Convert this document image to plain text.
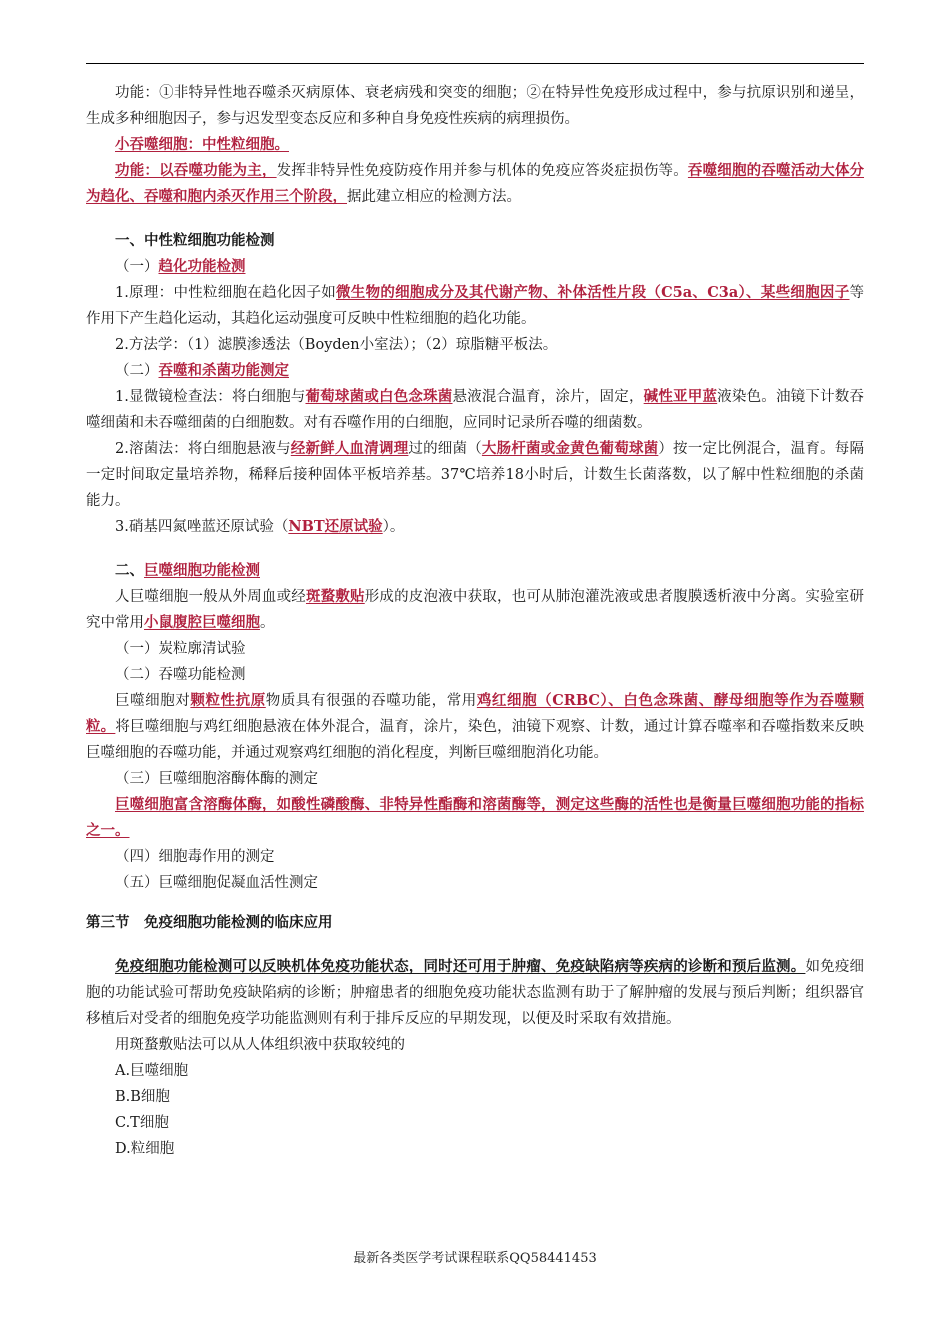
功能：①非特异性地吞噬杀灭病原体、衰老病残和突变的细胞；②在特异性免疫形成过程中，参与抗原识别和递呈，生成多种细胞因子，参与迟发型变态反应和多种自身免疫性疾病的病理损伤。

小吞噬细胞：中性粒细胞。

功能：以吞噬功能为主，发挥非特异性免疫防疫作用并参与机体的免疫应答炎症损伤等。吞噬细胞的吞噬活动大体分为趋化、吞噬和胞内杀灭作用三个阶段，据此建立相应的检测方法。

一、中性粒细胞功能检测

（一）趋化功能检测

1.原理：中性粒细胞在趋化因子如微生物的细胞成分及其代谢产物、补体活性片段（C5a、C3a）、某些细胞因子等作用下产生趋化运动，其趋化运动强度可反映中性粒细胞的趋化功能。

2.方法学：（1）滤膜渗透法（Boyden小室法）；（2）琼脂糖平板法。

（二）吞噬和杀菌功能测定

1.显微镜检查法：将白细胞与葡萄球菌或白色念珠菌悬液混合温育，涂片，固定，碱性亚甲蓝液染色。油镜下计数吞噬细菌和未吞噬细菌的白细胞数。对有吞噬作用的白细胞，应同时记录所吞噬的细菌数。

2.溶菌法：将白细胞悬液与经新鲜人血清调理过的细菌（大肠杆菌或金黄色葡萄球菌）按一定比例混合，温育。每隔一定时间取定量培养物，稀释后接种固体平板培养基。37℃培养18小时后，计数生长菌落数，以了解中性粒细胞的杀菌能力。

3.硝基四氮唑蓝还原试验（NBT还原试验）。

二、巨噬细胞功能检测

人巨噬细胞一般从外周血或经斑蝥敷贴形成的皮泡液中获取，也可从肺泡灌洗液或患者腹膜透析液中分离。实验室研究中常用小鼠腹腔巨噬细胞。

（一）炭粒廓清试验

（二）吞噬功能检测

巨噬细胞对颗粒性抗原物质具有很强的吞噬功能，常用鸡红细胞（CRBC）、白色念珠菌、酵母细胞等作为吞噬颗粒。将巨噬细胞与鸡红细胞悬液在体外混合，温育，涂片，染色，油镜下观察、计数，通过计算吞噬率和吞噬指数来反映巨噬细胞的吞噬功能，并通过观察鸡红细胞的消化程度，判断巨噬细胞消化功能。

（三）巨噬细胞溶酶体酶的测定

巨噬细胞富含溶酶体酶，如酸性磷酸酶、非特异性酯酶和溶菌酶等，测定这些酶的活性也是衡量巨噬细胞功能的指标之一。

（四）细胞毒作用的测定

（五）巨噬细胞促凝血活性测定

第三节　免疫细胞功能检测的临床应用

免疫细胞功能检测可以反映机体免疫功能状态，同时还可用于肿瘤、免疫缺陷病等疾病的诊断和预后监测。如免疫细胞的功能试验可帮助免疫缺陷病的诊断；肿瘤患者的细胞免疫功能状态监测有助于了解肿瘤的发展与预后判断；组织器官移植后对受者的细胞免疫学功能监测则有利于排斥反应的早期发现，以便及时采取有效措施。

用斑蝥敷贴法可以从人体组织液中获取较纯的

A.巨噬细胞

B.B细胞

C.T细胞

D.粒细胞

最新各类医学考试课程联系QQ58441453
